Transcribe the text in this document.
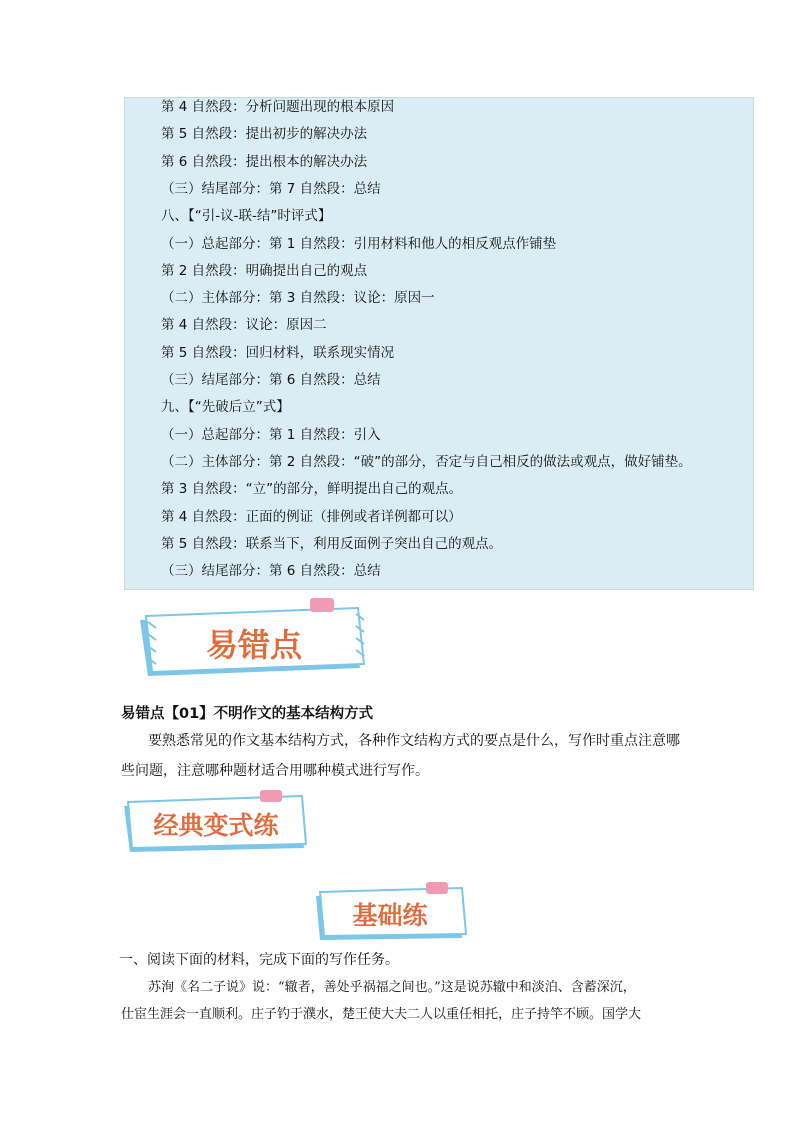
第 4 自然段：分析问题出现的根本原因
第 5 自然段：提出初步的解决办法
第 6 自然段：提出根本的解决办法
（三）结尾部分：第 7 自然段：总结
八、【“引-议-联-结”时评式】
（一）总起部分：第 1 自然段：引用材料和他人的相反观点作铺垫
第 2 自然段：明确提出自己的观点
（二）主体部分：第 3 自然段：议论：原因一
第 4 自然段：议论：原因二
第 5 自然段：回归材料，联系现实情况
（三）结尾部分：第 6 自然段：总结
九、【“先破后立”式】
（一）总起部分：第 1 自然段：引入
（二）主体部分：第 2 自然段：“破”的部分，否定与自己相反的做法或观点，做好铺垫。
第 3 自然段：“立”的部分，鲜明提出自己的观点。
第 4 自然段：正面的例证（排例或者详例都可以）
第 5 自然段：联系当下，利用反面例子突出自己的观点。
（三）结尾部分：第 6 自然段：总结
易错点
易错点【01】不明作文的基本结构方式
要熟悉常见的作文基本结构方式，各种作文结构方式的要点是什么，写作时重点注意哪
些问题，注意哪种题材适合用哪种模式进行写作。
经典变式练
基础练
一、阅读下面的材料，完成下面的写作任务。
苏洵《名二子说》说：“辙者，善处乎祸福之间也。”这是说苏辙中和淡泊、含蓄深沉，
仕宦生涯会一直顺利。庄子钓于濮水，楚王使大夫二人以重任相托，庄子持竿不顾。国学大
